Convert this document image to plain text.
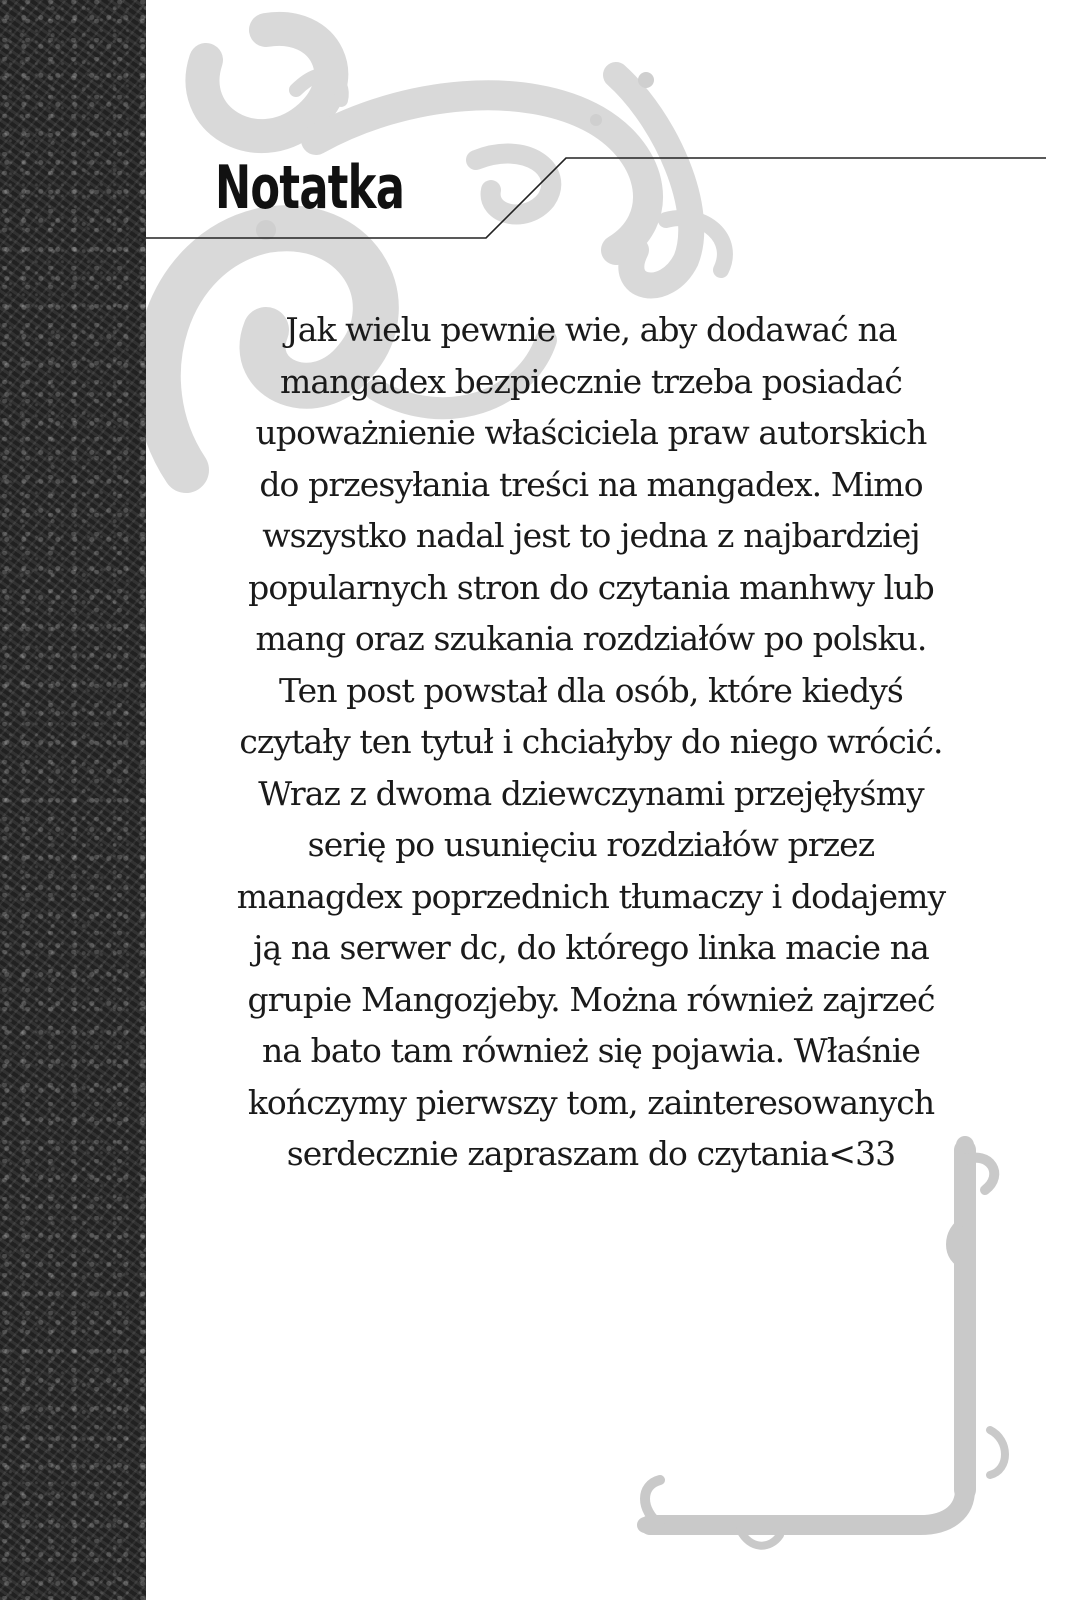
Notatka

Jak wielu pewnie wie, aby dodawać na mangadex bezpiecznie trzeba posiadać upoważnienie właściciela praw autorskich do przesyłania treści na mangadex. Mimo wszystko nadal jest to jedna z najbardziej popularnych stron do czytania manhwy lub mang oraz szukania rozdziałów po polsku. Ten post powstał dla osób, które kiedyś czytały ten tytuł i chciałyby do niego wrócić. Wraz z dwoma dziewczynami przejęłyśmy serię po usunięciu rozdziałów przez managdex poprzednich tłumaczy i dodajemy ją na serwer dc, do którego linka macie na grupie Mangozjeby. Można również zajrzeć na bato tam również się pojawia. Właśnie kończymy pierwszy tom, zainteresowanych serdecznie zapraszam do czytania<33
